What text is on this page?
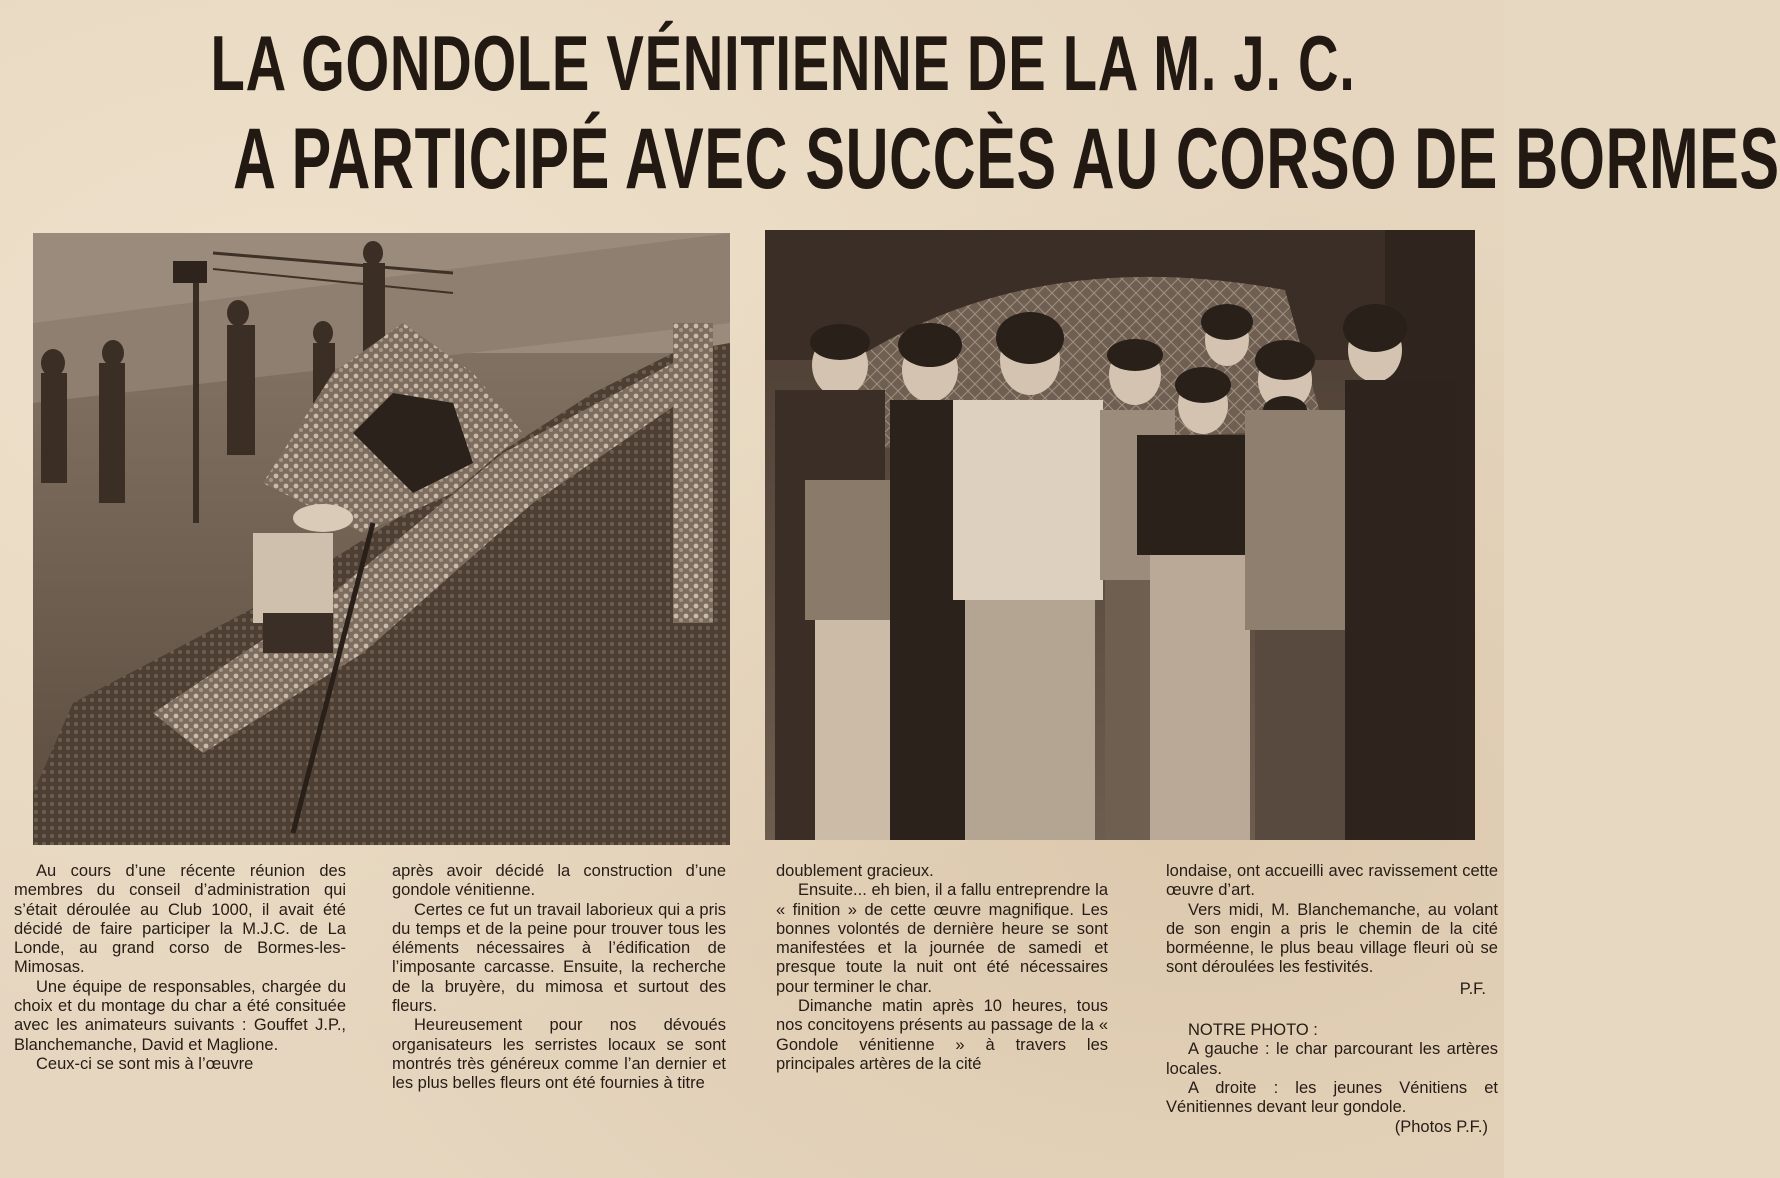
LA GONDOLE VÉNITIENNE DE LA M. J. C.
A PARTICIPÉ AVEC SUCCÈS AU CORSO DE BORMES

Au cours d’une récente réunion des membres du conseil d’administration qui s’était déroulée au Club 1000, il avait été décidé de faire participer la M.J.C. de La Londe, au grand corso de Bormes-les-Mimosas.

Une équipe de responsables, chargée du choix et du montage du char a été consituée avec les animateurs suivants : Gouffet J.P., Blanchemanche, David et Maglione.

Ceux-ci se sont mis à l’œuvre

après avoir décidé la construction d’une gondole vénitienne.

Certes ce fut un travail laborieux qui a pris du temps et de la peine pour trouver tous les éléments nécessaires à l’édification de l’imposante carcasse. Ensuite, la recherche de la bruyère, du mimosa et surtout des fleurs.

Heureusement pour nos dévoués organisateurs les serristes locaux se sont montrés très généreux comme l’an dernier et les plus belles fleurs ont été fournies à titre

doublement gracieux.

Ensuite... eh bien, il a fallu entreprendre la « finition » de cette œuvre magnifique. Les bonnes volontés de dernière heure se sont manifestées et la journée de samedi et presque toute la nuit ont été nécessaires pour terminer le char.

Dimanche matin après 10 heures, tous nos concitoyens présents au passage de la « Gondole vénitienne » à travers les principales artères de la cité

londaise, ont accueilli avec ravissement cette œuvre d’art.

Vers midi, M. Blanchemanche, au volant de son engin a pris le chemin de la cité borméenne, le plus beau village fleuri où se sont déroulées les festivités.

P.F.

NOTRE PHOTO :

A gauche : le char parcourant les artères locales.

A droite : les jeunes Vénitiens et Vénitiennes devant leur gondole.

(Photos P.F.)
